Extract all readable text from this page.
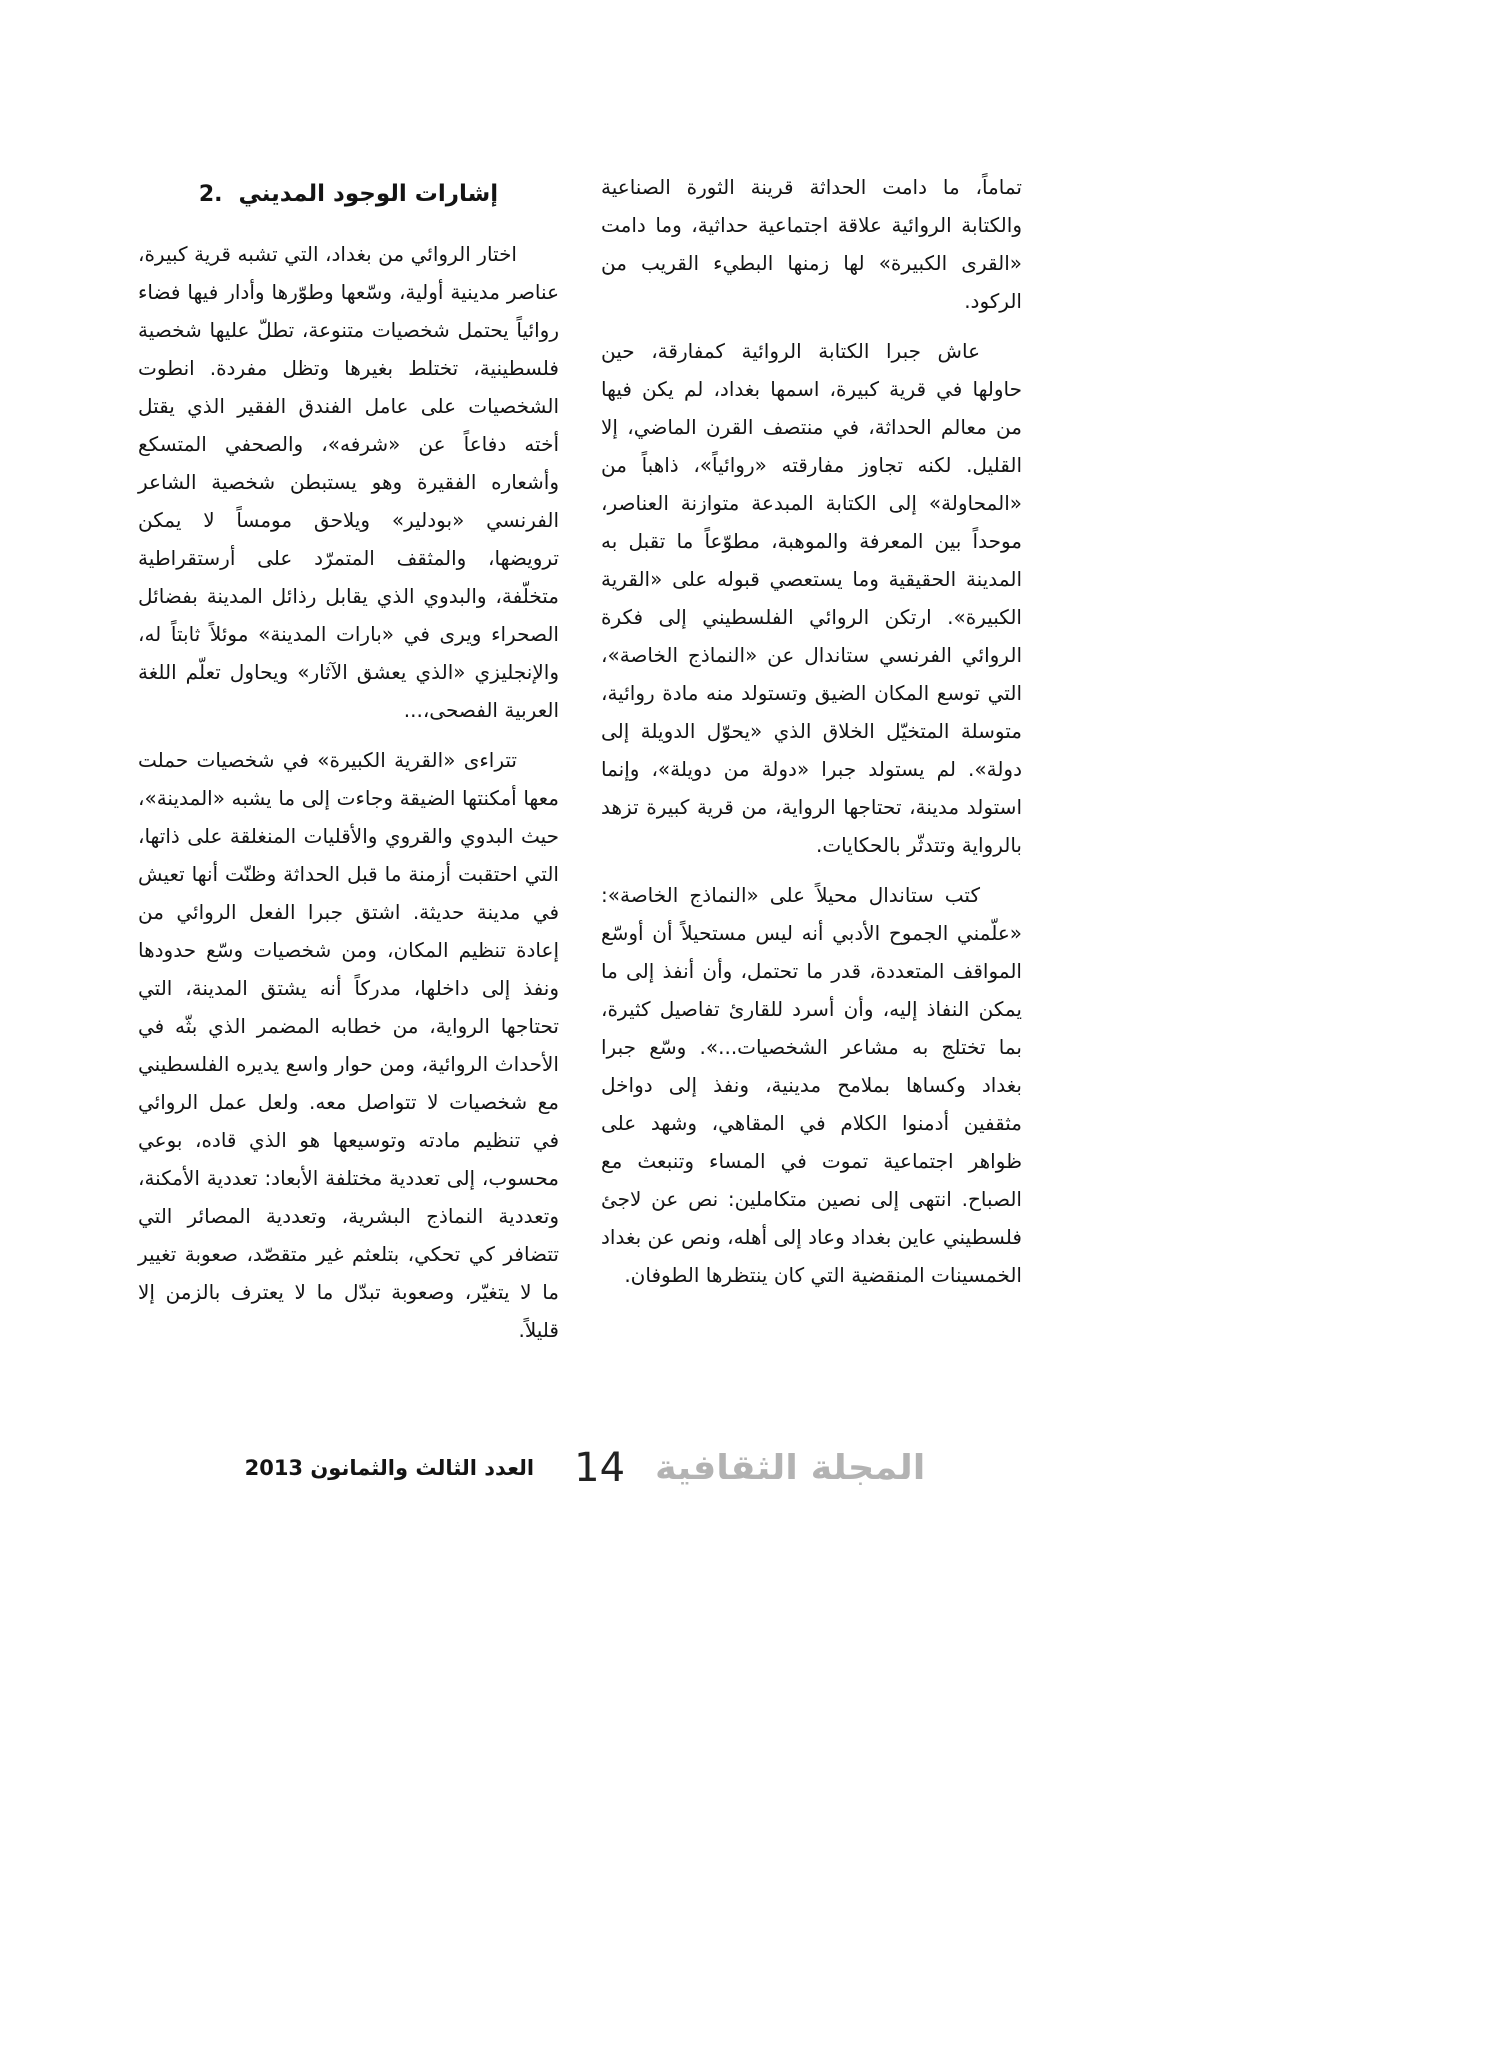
تماماً، ما دامت الحداثة قرينة الثورة الصناعية والكتابة الروائية علاقة اجتماعية حداثية، وما دامت «القرى الكبيرة» لها زمنها البطيء القريب من الركود.

عاش جبرا الكتابة الروائية كمفارقة، حين حاولها في قرية كبيرة، اسمها بغداد، لم يكن فيها من معالم الحداثة، في منتصف القرن الماضي، إلا القليل. لكنه تجاوز مفارقته «روائياً»، ذاهباً من «المحاولة» إلى الكتابة المبدعة متوازنة العناصر، موحداً بين المعرفة والموهبة، مطوّعاً ما تقبل به المدينة الحقيقية وما يستعصي قبوله على «القرية الكبيرة». ارتكن الروائي الفلسطيني إلى فكرة الروائي الفرنسي ستاندال عن «النماذج الخاصة»، التي توسع المكان الضيق وتستولد منه مادة روائية، متوسلة المتخيّل الخلاق الذي «يحوّل الدويلة إلى دولة». لم يستولد جبرا «دولة من دويلة»، وإنما استولد مدينة، تحتاجها الرواية، من قرية كبيرة تزهد بالرواية وتتدثّر بالحكايات.

كتب ستاندال محيلاً على «النماذج الخاصة»: «علّمني الجموح الأدبي أنه ليس مستحيلاً أن أوسّع المواقف المتعددة، قدر ما تحتمل، وأن أنفذ إلى ما يمكن النفاذ إليه، وأن أسرد للقارئ تفاصيل كثيرة، بما تختلج به مشاعر الشخصيات...». وسّع جبرا بغداد وكساها بملامح مدينية، ونفذ إلى دواخل مثقفين أدمنوا الكلام في المقاهي، وشهد على ظواهر اجتماعية تموت في المساء وتنبعث مع الصباح. انتهى إلى نصين متكاملين: نص عن لاجئ فلسطيني عاين بغداد وعاد إلى أهله، ونص عن بغداد الخمسينات المنقضية التي كان ينتظرها الطوفان.

2. إشارات الوجود المديني

اختار الروائي من بغداد، التي تشبه قرية كبيرة، عناصر مدينية أولية، وسّعها وطوّرها وأدار فيها فضاء روائياً يحتمل شخصيات متنوعة، تطلّ عليها شخصية فلسطينية، تختلط بغيرها وتظل مفردة. انطوت الشخصيات على عامل الفندق الفقير الذي يقتل أخته دفاعاً عن «شرفه»، والصحفي المتسكع وأشعاره الفقيرة وهو يستبطن شخصية الشاعر الفرنسي «بودلير» ويلاحق مومساً لا يمكن ترويضها، والمثقف المتمرّد على أرستقراطية متخلّفة، والبدوي الذي يقابل رذائل المدينة بفضائل الصحراء ويرى في «بارات المدينة» موئلاً ثابتاً له، والإنجليزي «الذي يعشق الآثار» ويحاول تعلّم اللغة العربية الفصحى،...

تتراءى «القرية الكبيرة» في شخصيات حملت معها أمكنتها الضيقة وجاءت إلى ما يشبه «المدينة»، حيث البدوي والقروي والأقليات المنغلقة على ذاتها، التي احتقبت أزمنة ما قبل الحداثة وظنّت أنها تعيش في مدينة حديثة. اشتق جبرا الفعل الروائي من إعادة تنظيم المكان، ومن شخصيات وسّع حدودها ونفذ إلى داخلها، مدركاً أنه يشتق المدينة، التي تحتاجها الرواية، من خطابه المضمر الذي بثّه في الأحداث الروائية، ومن حوار واسع يديره الفلسطيني مع شخصيات لا تتواصل معه. ولعل عمل الروائي في تنظيم مادته وتوسيعها هو الذي قاده، بوعي محسوب، إلى تعددية مختلفة الأبعاد: تعددية الأمكنة، وتعددية النماذج البشرية، وتعددية المصائر التي تتضافر كي تحكي، بتلعثم غير متقصّد، صعوبة تغيير ما لا يتغيّر، وصعوبة تبدّل ما لا يعترف بالزمن إلا قليلاً.

المجلة الثقافية
14
العدد الثالث والثمانون 2013
